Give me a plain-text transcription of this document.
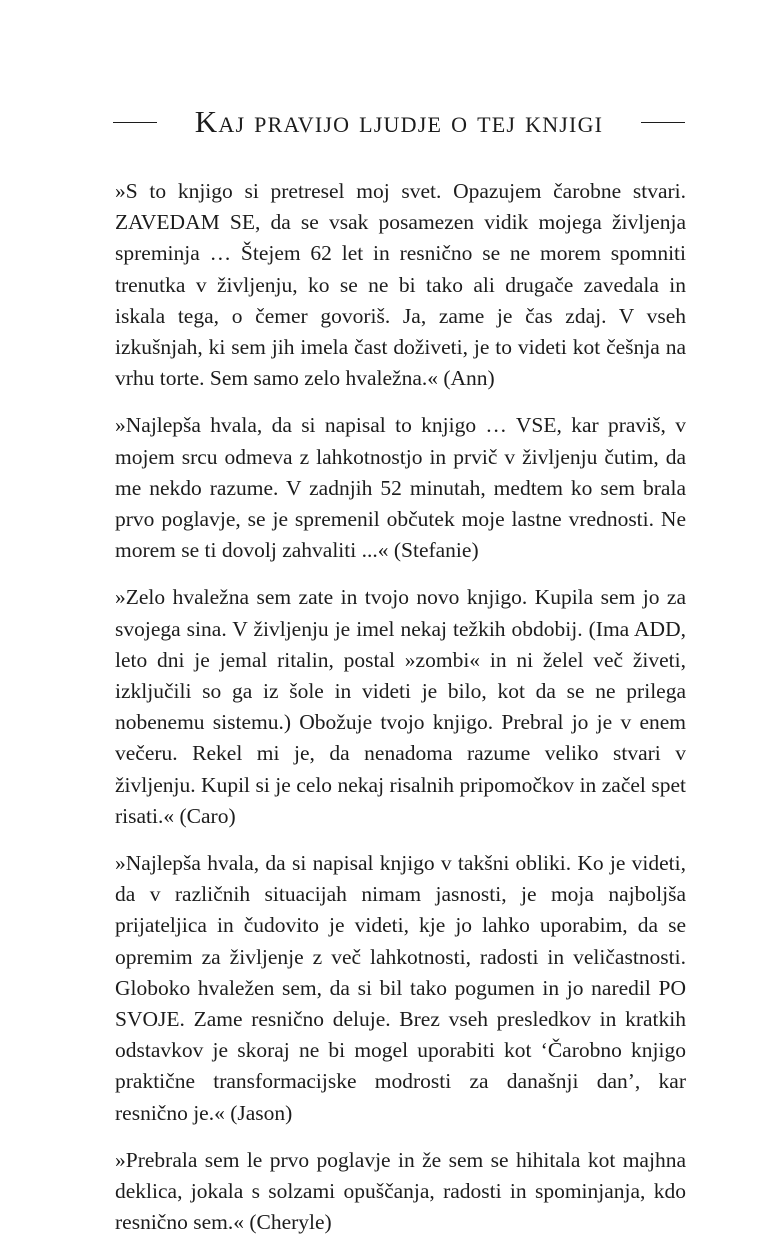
Kaj pravijo ljudje o tej knjigi

»S to knjigo si pretresel moj svet. Opazujem čarobne stvari. ZAVEDAM SE, da se vsak posamezen vidik mojega življenja spreminja … Štejem 62 let in resnično se ne morem spomniti trenutka v življenju, ko se ne bi tako ali drugače zavedala in iskala tega, o čemer govoriš. Ja, zame je čas zdaj. V vseh izkušnjah, ki sem jih imela čast doživeti, je to videti kot češnja na vrhu torte. Sem samo zelo hvaležna.« (Ann)

»Najlepša hvala, da si napisal to knjigo … VSE, kar praviš, v mojem srcu odmeva z lahkotnostjo in prvič v življenju čutim, da me nekdo razume. V zadnjih 52 minutah, medtem ko sem brala prvo poglavje, se je spremenil občutek moje lastne vrednosti. Ne morem se ti dovolj zahvaliti ...« (Stefanie)

»Zelo hvaležna sem zate in tvojo novo knjigo. Kupila sem jo za svojega sina. V življenju je imel nekaj težkih obdobij. (Ima ADD, leto dni je jemal ritalin, postal »zombi« in ni želel več živeti, izključili so ga iz šole in videti je bilo, kot da se ne prilega nobenemu sistemu.) Obožuje tvojo knjigo. Prebral jo je v enem večeru. Rekel mi je, da nenadoma razume veliko stvari v življenju. Kupil si je celo nekaj risalnih pripomočkov in začel spet risati.« (Caro)

»Najlepša hvala, da si napisal knjigo v takšni obliki. Ko je videti, da v različnih situacijah nimam jasnosti, je moja najboljša prijateljica in čudovito je videti, kje jo lahko uporabim, da se opremim za življenje z več lahkotnosti, radosti in veličastnosti. Globoko hvaležen sem, da si bil tako pogumen in jo naredil PO SVOJE. Zame resnično deluje. Brez vseh presledkov in kratkih odstavkov je skoraj ne bi mogel uporabiti kot ‘Čarobno knjigo praktične transformacijske modrosti za današnji dan’, kar resnično je.« (Jason)

»Prebrala sem le prvo poglavje in že sem se hihitala kot majhna deklica, jokala s solzami opuščanja, radosti in spominjanja, kdo resnično sem.« (Cheryle)
